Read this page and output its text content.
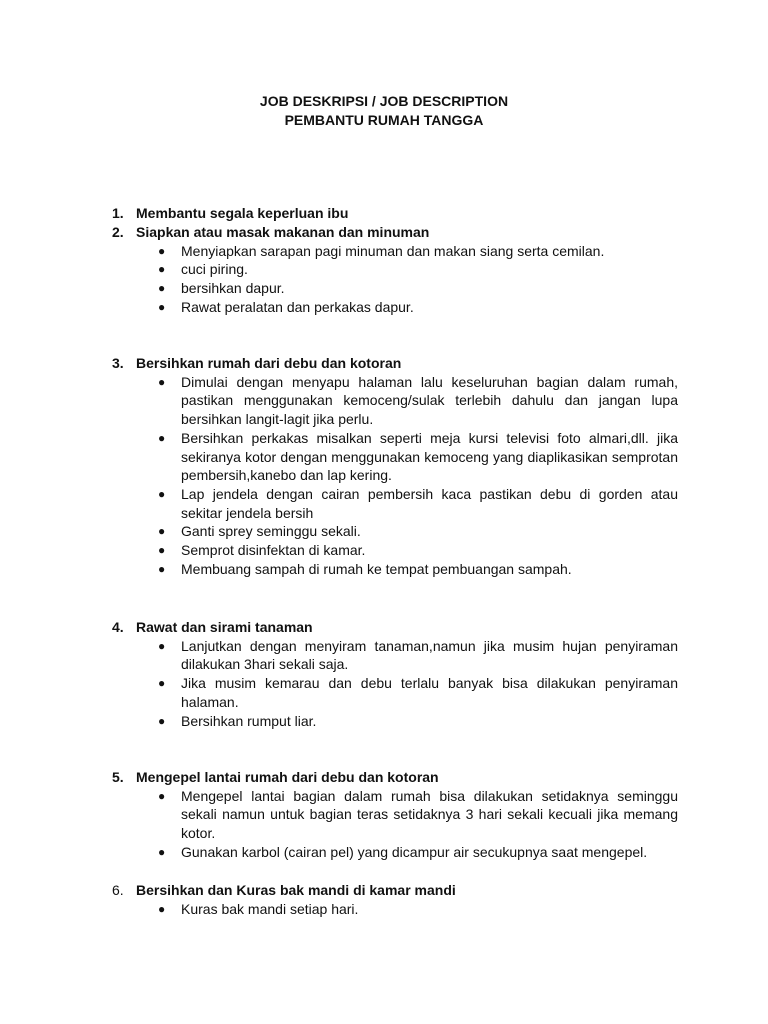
JOB DESKRIPSI / JOB DESCRIPTION
PEMBANTU RUMAH TANGGA
1. Membantu segala keperluan ibu
2. Siapkan atau masak makanan dan minuman
● Menyiapkan sarapan pagi minuman dan makan siang serta cemilan.
● cuci piring.
● bersihkan dapur.
● Rawat peralatan dan perkakas dapur.
3. Bersihkan rumah dari debu dan kotoran
● Dimulai dengan menyapu halaman lalu keseluruhan bagian dalam rumah, pastikan menggunakan kemoceng/sulak terlebih dahulu dan jangan lupa bersihkan langit-lagit jika perlu.
● Bersihkan perkakas misalkan seperti meja kursi televisi foto almari,dll. jika sekiranya kotor dengan menggunakan kemoceng yang diaplikasikan semprotan pembersih,kanebo dan lap kering.
● Lap jendela dengan cairan pembersih kaca pastikan debu di gorden atau sekitar jendela bersih
● Ganti sprey seminggu sekali.
● Semprot disinfektan di kamar.
● Membuang sampah di rumah ke tempat pembuangan sampah.
4. Rawat dan sirami tanaman
● Lanjutkan dengan menyiram tanaman,namun jika musim hujan penyiraman dilakukan 3hari sekali saja.
● Jika musim kemarau dan debu terlalu banyak bisa dilakukan penyiraman halaman.
● Bersihkan rumput liar.
5. Mengepel lantai rumah dari debu dan kotoran
● Mengepel lantai bagian dalam rumah bisa dilakukan setidaknya seminggu sekali namun untuk bagian teras setidaknya 3 hari sekali kecuali jika memang kotor.
● Gunakan karbol (cairan pel) yang dicampur air secukupnya saat mengepel.
6. Bersihkan dan Kuras bak mandi di kamar mandi
● Kuras bak mandi setiap hari.
